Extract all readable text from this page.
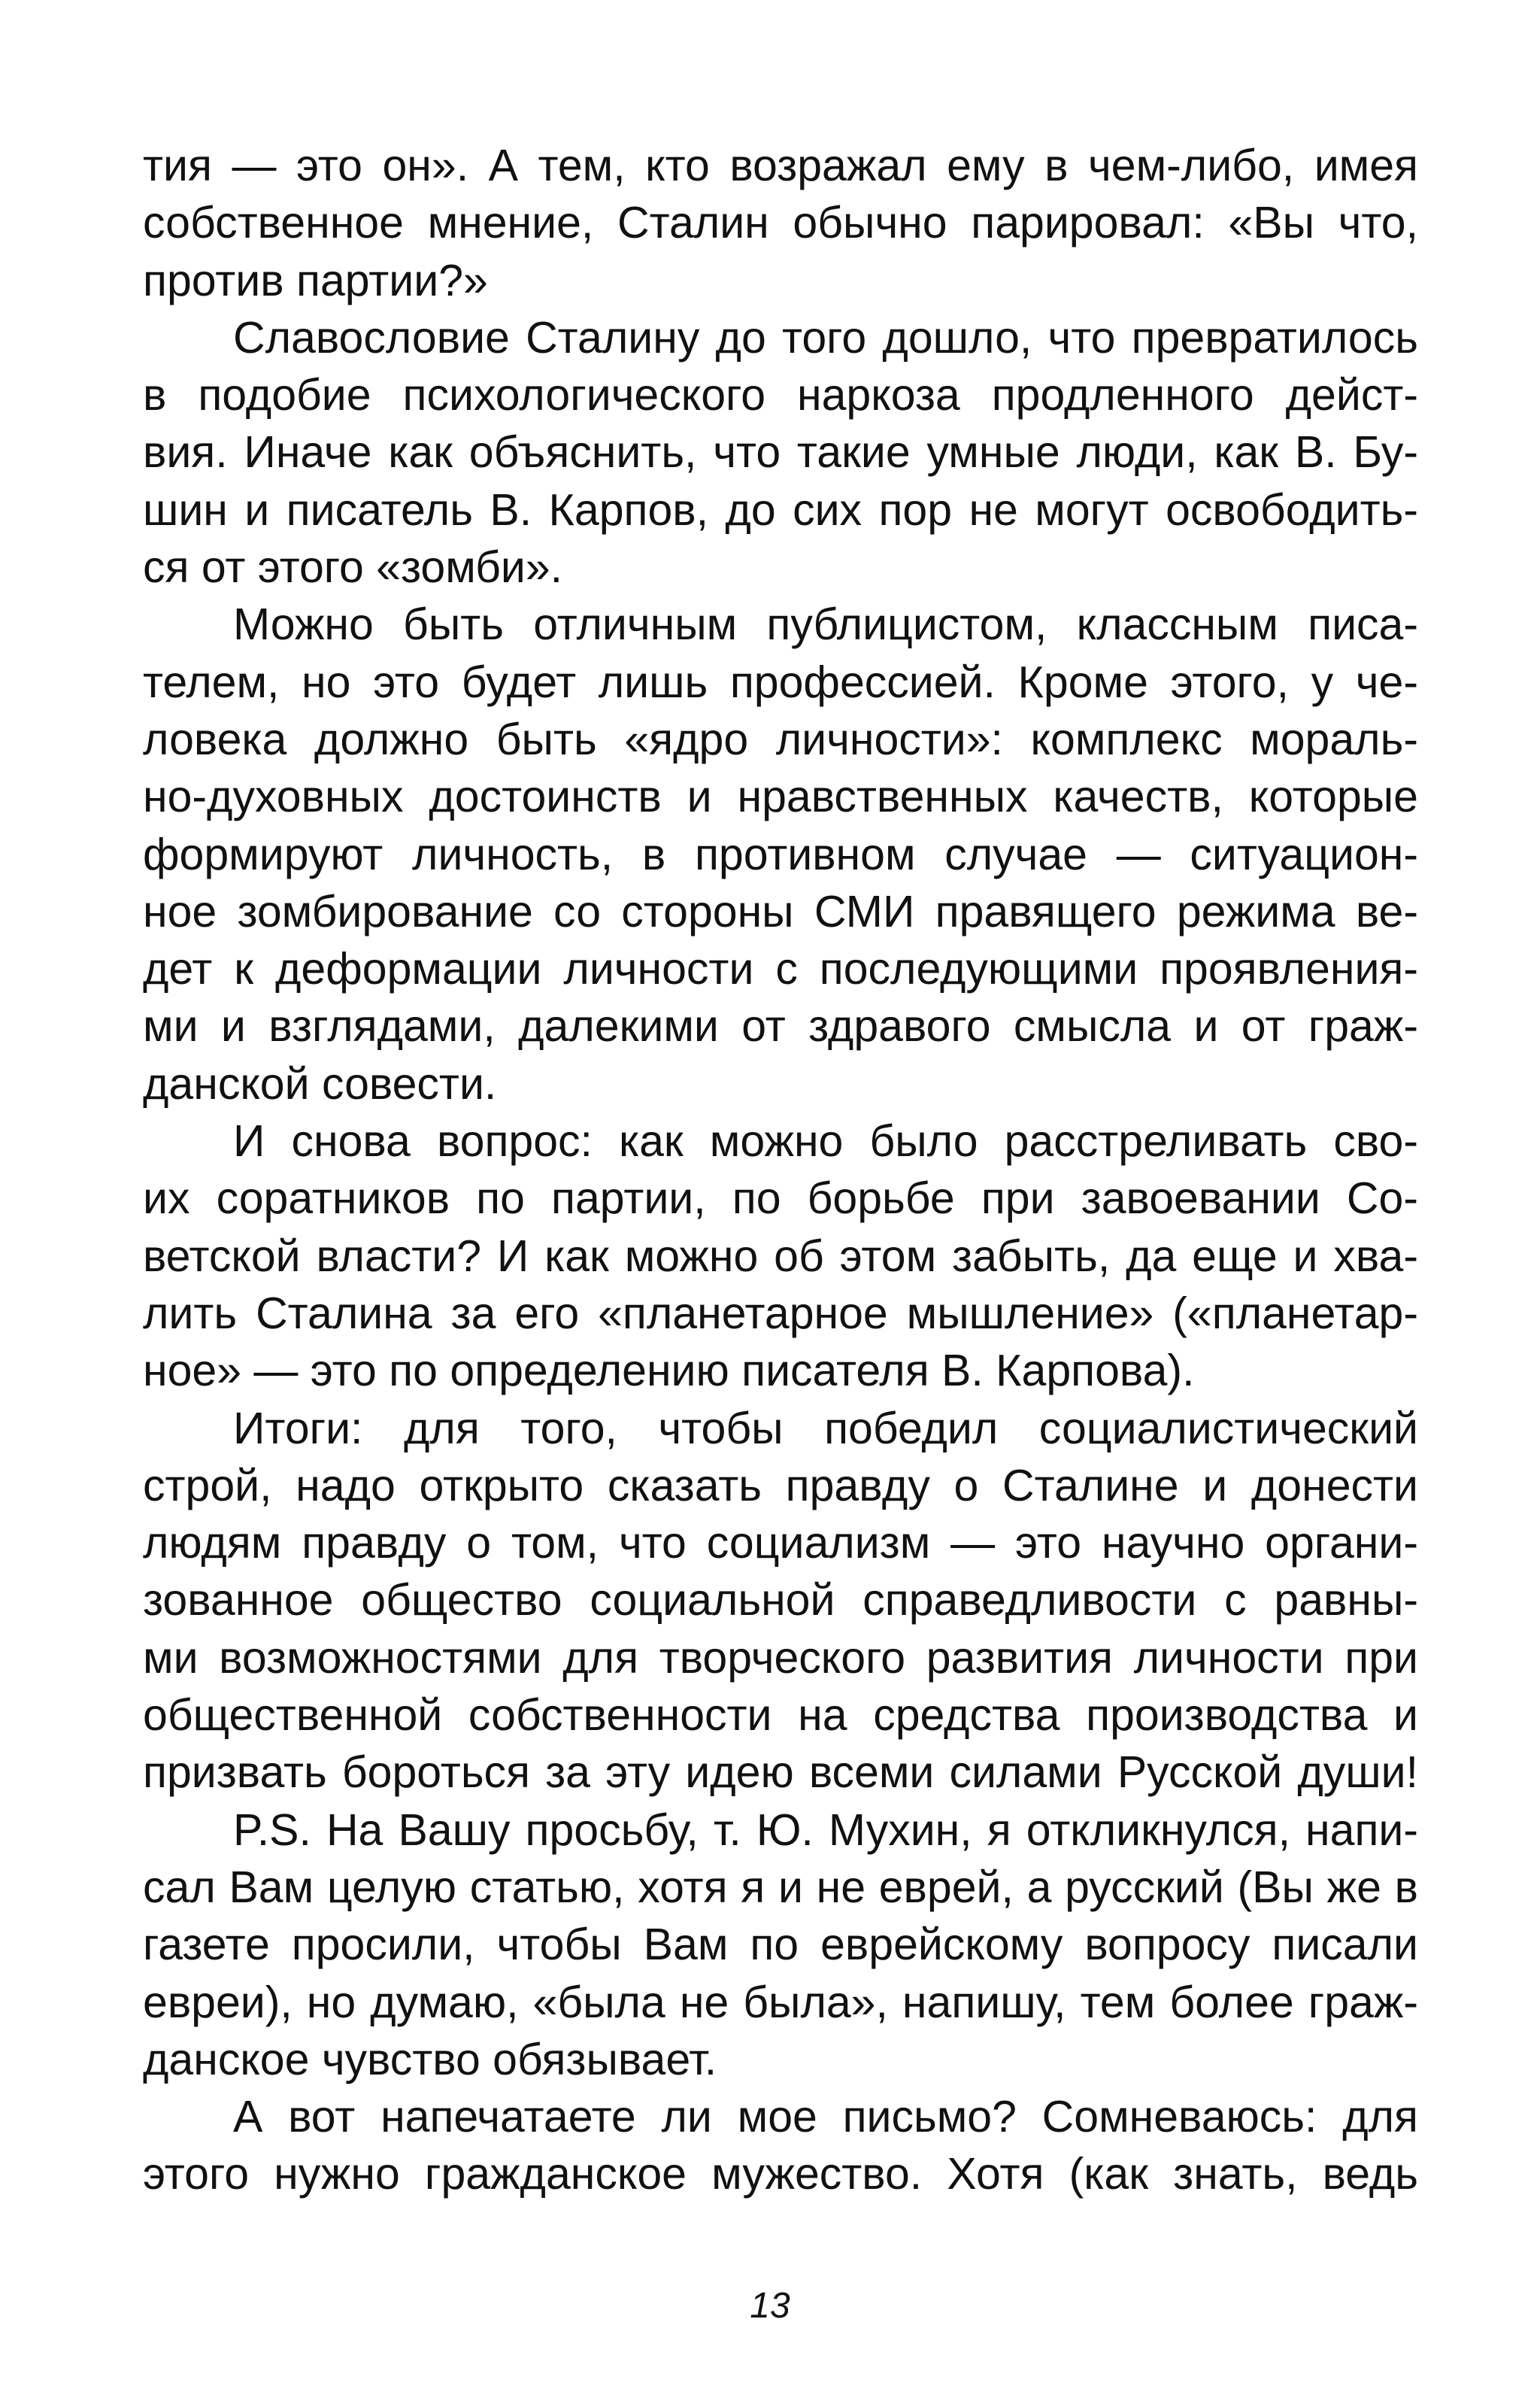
тия — это он». А тем, кто возражал ему в чем-либо, имея
собственное мнение, Сталин обычно парировал: «Вы что,
против партии?»
Славословие Сталину до того дошло, что превратилось
в подобие психологического наркоза продленного дейст-
вия. Иначе как объяснить, что такие умные люди, как В. Бу-
шин и писатель В. Карпов, до сих пор не могут освободить-
ся от этого «зомби».
Можно быть отличным публицистом, классным писа-
телем, но это будет лишь профессией. Кроме этого, у че-
ловека должно быть «ядро личности»: комплекс мораль-
но-духовных достоинств и нравственных качеств, которые
формируют личность, в противном случае — ситуацион-
ное зомбирование со стороны СМИ правящего режима ве-
дет к деформации личности с последующими проявления-
ми и взглядами, далекими от здравого смысла и от граж-
данской совести.
И снова вопрос: как можно было расстреливать сво-
их соратников по партии, по борьбе при завоевании Со-
ветской власти? И как можно об этом забыть, да еще и хва-
лить Сталина за его «планетарное мышление» («планетар-
ное» — это по определению писателя В. Карпова).
Итоги: для того, чтобы победил социалистический
строй, надо открыто сказать правду о Сталине и донести
людям правду о том, что социализм — это научно органи-
зованное общество социальной справедливости с равны-
ми возможностями для творческого развития личности при
общественной собственности на средства производства и
призвать бороться за эту идею всеми силами Русской души!
P.S. На Вашу просьбу, т. Ю. Мухин, я откликнулся, напи-
сал Вам целую статью, хотя я и не еврей, а русский (Вы же в
газете просили, чтобы Вам по еврейскому вопросу писали
евреи), но думаю, «была не была», напишу, тем более граж-
данское чувство обязывает.
А вот напечатаете ли мое письмо? Сомневаюсь: для
этого нужно гражданское мужество. Хотя (как знать, ведь
13
